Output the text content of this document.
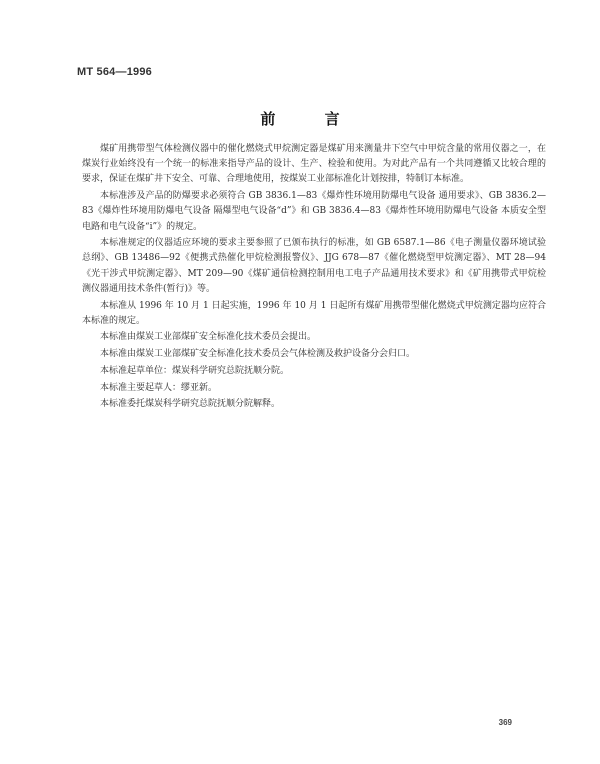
MT 564—1996
前 言

煤矿用携带型气体检测仪器中的催化燃烧式甲烷测定器是煤矿用来测量井下空气中甲烷含量的常用仪器之一，在煤炭行业始终没有一个统一的标准来指导产品的设计、生产、检验和使用。为对此产品有一个共同遵循又比较合理的要求，保证在煤矿井下安全、可靠、合理地使用，按煤炭工业部标准化计划按排，特制订本标准。

本标准涉及产品的防爆要求必须符合 GB 3836.1—83《爆炸性环境用防爆电气设备 通用要求》、GB 3836.2—83《爆炸性环境用防爆电气设备 隔爆型电气设备“d”》和 GB 3836.4—83《爆炸性环境用防爆电气设备 本质安全型电路和电气设备“i”》的规定。

本标准规定的仪器适应环境的要求主要参照了已颁布执行的标准，如 GB 6587.1—86《电子测量仪器环境试验总纲》、GB 13486—92《便携式热催化甲烷检测报警仪》、JJG 678—87《催化燃烧型甲烷测定器》、MT 28—94《光干涉式甲烷测定器》、MT 209—90《煤矿通信检测控制用电工电子产品通用技术要求》和《矿用携带式甲烷检测仪器通用技术条件(暂行)》等。

本标准从 1996 年 10 月 1 日起实施，1996 年 10 月 1 日起所有煤矿用携带型催化燃烧式甲烷测定器均应符合本标准的规定。

本标准由煤炭工业部煤矿安全标准化技术委员会提出。

本标准由煤炭工业部煤矿安全标准化技术委员会气体检测及救护设备分会归口。

本标准起草单位：煤炭科学研究总院抚顺分院。

本标准主要起草人：缪亚新。

本标准委托煤炭科学研究总院抚顺分院解释。

369
